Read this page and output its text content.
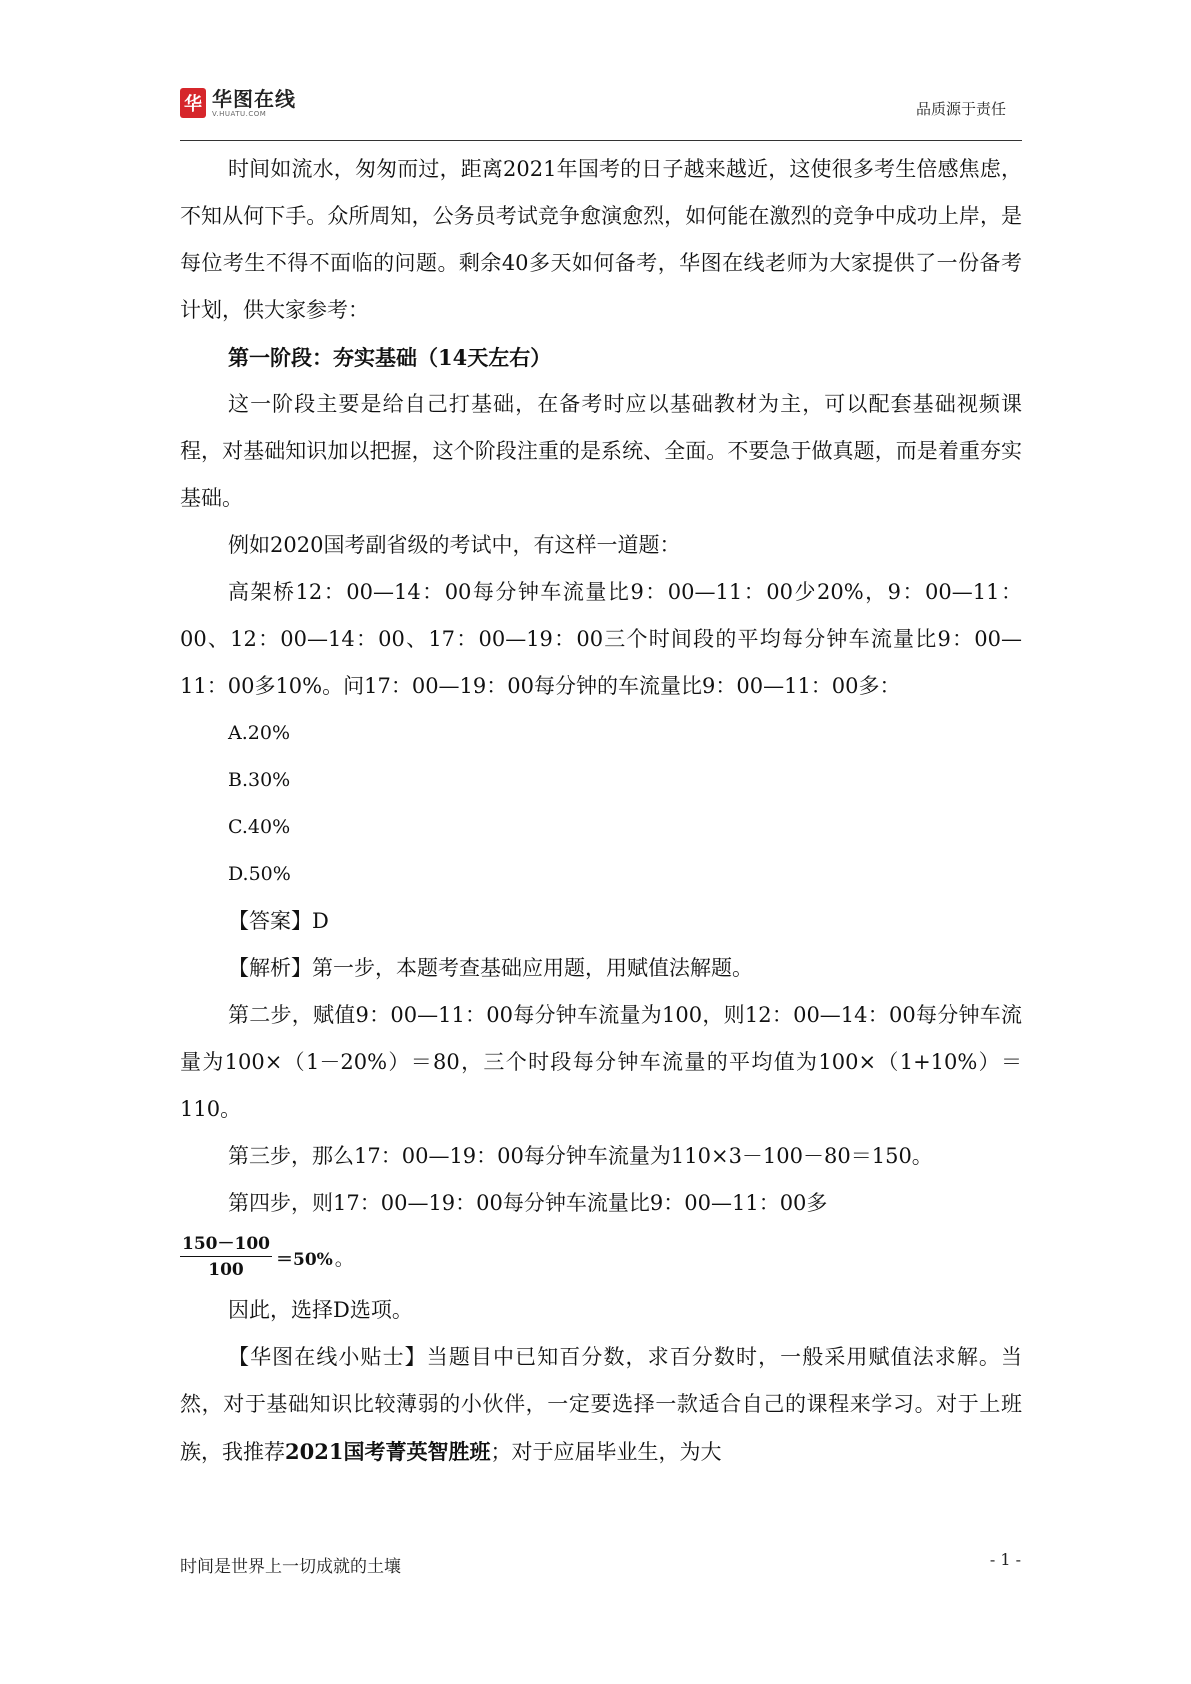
华 华图在线
V.HUATU.COM	品质源于责任

时间如流水，匆匆而过，距离2021年国考的日子越来越近，这使很多考生倍感焦虑，不知从何下手。众所周知，公务员考试竞争愈演愈烈，如何能在激烈的竞争中成功上岸，是每位考生不得不面临的问题。剩余40多天如何备考，华图在线老师为大家提供了一份备考计划，供大家参考：

第一阶段：夯实基础（14天左右）

这一阶段主要是给自己打基础，在备考时应以基础教材为主，可以配套基础视频课程，对基础知识加以把握，这个阶段注重的是系统、全面。不要急于做真题，而是着重夯实基础。

例如2020国考副省级的考试中，有这样一道题：

高架桥12：00—14：00每分钟车流量比9：00—11：00少20%，9：00—11：00、12：00—14：00、17：00—19：00三个时间段的平均每分钟车流量比9：00—11：00多10%。问17：00—19：00每分钟的车流量比9：00—11：00多：

A.20%

B.30%

C.40%

D.50%

【答案】D

【解析】第一步，本题考查基础应用题，用赋值法解题。

第二步，赋值9：00—11：00每分钟车流量为100，则12：00—14：00每分钟车流量为100×（1－20%）＝80，三个时段每分钟车流量的平均值为100×（1+10%）＝110。

第三步，那么17：00—19：00每分钟车流量为110×3－100－80＝150。

第四步，则17：00—19：00每分钟车流量比9：00—11：00多

$\frac{150-100}{100} =50\%$ 。

因此，选择D选项。

【华图在线小贴士】当题目中已知百分数，求百分数时，一般采用赋值法求解。当然，对于基础知识比较薄弱的小伙伴，一定要选择一款适合自己的课程来学习。对于上班族，我推荐2021国考菁英智胜班；对于应届毕业生，为大

时间是世界上一切成就的土壤	- 1 -
